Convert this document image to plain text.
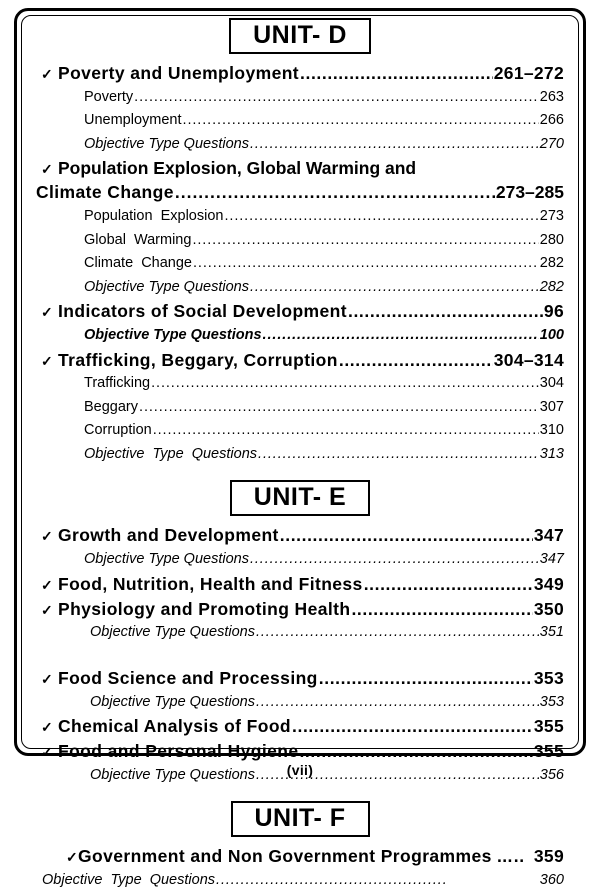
UNIT- D
✓ Poverty and Unemployment .....	261–272
Poverty .....	263
Unemployment .....	266
Objective Type Questions .....	270
✓ Population Explosion, Global Warming and
Climate Change .....	273–285
Population  Explosion .....	273
Global  Warming .....	280
Climate  Change .....	282
Objective Type Questions .....	282
✓ Indicators of Social Development .....	96
Objective Type Questions .....	100
✓ Trafficking, Beggary, Corruption .....	304–314
Trafficking .....	304
Beggary .....	307
Corruption .....	310
Objective  Type  Questions .....	313
UNIT- E
✓ Growth and Development .....	347
Objective Type Questions .....	347
✓ Food, Nutrition, Health and Fitness .....	349
✓ Physiology and Promoting Health .....	350
Objective Type Questions .....	351
✓ Food Science and Processing .....	353
Objective Type Questions .....	353
✓ Chemical Analysis of Food .....	355
✓ Food and Personal Hygiene .....	355
Objective Type Questions .....	356
UNIT- F
✓ Government and Non Government Programmes ... ..... 359
Objective  Type  Questions .....	360
(vii)
